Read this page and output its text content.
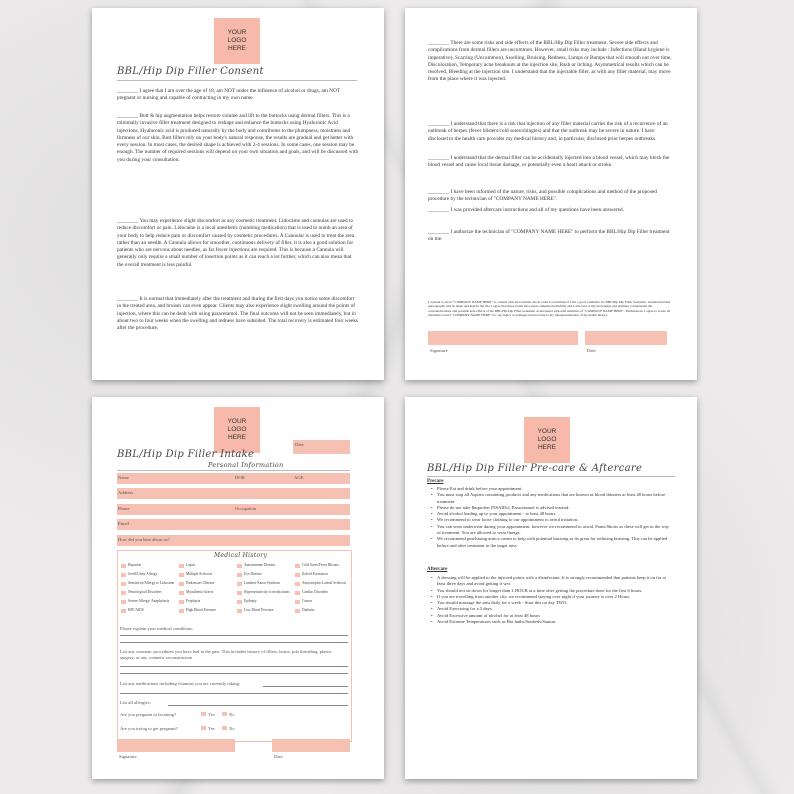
YOUR
LOGO
HERE
BBL/Hip Dip Filler Consent
________ I agree that I am over the age of 18, am NOT under the influence of alcohol or drugs, am NOT pregnant or nursing and capable of contracting in my own name.
________ Butt & hip augmentation helps restore volume and lift to the buttocks using dermal fillers. This is a minimally invasive filler treatment designed to reshape and enhance the buttocks using Hyaluronic Acid injections. Hyaluronic acid is produced naturally by the body and contributes to the plumpness, moistness and firmness of our skin. Butt fillers rely on your body's natural response, the results are gradual and get better with every session. In most cases, the desired shape is achieved with 2-4 sessions. In some cases, one session may be enough. The number of required sessions will depend on your own situation and goals, and will be discussed with you during your consultation.
________ You may experience slight discomfort as any cosmetic treatment. Lidocaine and cannulas are used to reduce discomfort or pain. Lidocaine is a local anesthetic (numbing medication) that is used to numb an area of your body to help reduce pain or discomfort caused by cosmetic procedures. A Cannular is used to treat the area rather than an needle. A Cannula allows for smoother, continuous delivery of filler, it is also a good solution for patients who are nervous about needles, as far fewer injections are required. This is because a Cannula will generally only require a small number of insertion points as it can reach a lot further, which can also mean that the overall treatment is less painful.
________ It is normal that immediately after the treatment and during the first days you notice some discomfort in the treated area, and bruises can even appear. Clients may also experience slight swelling around the points of injection, where this can be dealt with using paracetamol. The final outcome will not be seen immediately, but in about two to four weeks when the swelling and redness have subsided. The total recovery is estimated four weeks after the procedure.
________ There are some risks and side effects of the BBL/Hip Dip Filler treatment. Severe side effects and complications from dermal fillers are uncommon. However, small risks may include : Infections (Hand hygiene is imperative), Scarring (Uncommon), Swelling, Bruising, Redness, Lumps or Bumps that will smooth out over time, Discoloration, Temporary acne breakouts at the injection site, Rash or itching. Asymmetrical results which can be resolved, Bleeding at the injection site. I understand that the injectable filler, as with any filler material, may move from the place where it was injected.
________ I understand that there is a risk that injection of any filler material carries the risk of a recurrence of an outbreak of herpes (fever blisters/cold sores/shingles) and that the outbreak may be severe in nature. I have disclosed to the health care provider my medical history and, in particular, disclosed prior herpes outbreaks.
________ I understand that the dermal filler can be accidentally injected into a blood vessel, which may block the blood vessel and cause local tissue damage, or potentially even a heart attack or stroke.
________ I have been informed of the nature, risks, and possible complications and method of the proposed procedure by the technician of "COMPANY NAME HERE".
________ I was provided aftercare instructions and all of my questions have been answered.
________ I authorize the technician of "COMPANY NAME HERE" to perform the BBL/Hip Dip Filler treatment on me.
I consent to allow "COMPANY NAME HERE" to consult with and evaluate me in order to determine if I am a good candidate for BBL/Hip Dip Filler treatment. I understand that photographs will be taken and kept in my file. I agree that these forms have been completed truthfully and to the best of my knowledge and abilities. I understand the contraindications and possible side effects of the BBL/Hip Dip Filler treatment as discussed with staff members of "COMPANY NAME HERE". Furthermore, I agree to waive all liabilities toward "COMPANY NAME HERE" for any injury or damages incurred due to my misrepresentation of my health history.
Signature	Date
YOUR
LOGO
HERE
Date
BBL/Hip Dip Filler Intake
Personal Information
Name	DOB	AGE
Address
Phone	Occupation
Email
How did you hear about us?
Medical History
Hepatitis	Lupus	Autoimmune Disease	Cold Sores/Fever Blisters
Swell/Untry Allergy	Multiple Sclerosis	Eye Disease	Keloid Formation
Sensitivity/Allergy to Lidocaine	Parkinson's Disease	Lambert-Eaton Syndrom	Amyotrophic Lateral Sclerosis
Neurological Disorders	Myasthenia Gravis	Hypersensitivity to medications	Cardiac Disorders
Severe Allergy/ Anaphylaxis	Porphyria	Epilepsy	Cancer
HIV/AIDS	High Blood Pressure	Low Blood Pressure	Diabetes
Please explain your medical conditions:
List any cosmetic procedures you have had in the past. This includes history of fillers, botox, pdo threading, plastic surgery, or any cosmetic reconstruction
List any medications including vitamins you are currently taking:
List all allergies:
Are you pregnant or lactating?	Yes	No
Are you trying to get pregnant?	Yes	No
Signature	Date
YOUR
LOGO
HERE
BBL/Hip Dip Filler Pre-care & Aftercare
Precare
• Please Eat and drink before your appointment.
• You must stop all Aspirin containing products and any medications that are known as blood thinners at least 48 hours before treatment.
• Please do not take Ibuprofen (NSAIDs). Paracetamol is advised instead.
• Avoid alcohol leading up to your appointment - at least 48 hours.
• We recommend to wear loose clothing to our appointment to avoid irritation.
• You can wear underwear during your appointment, however we recommend to avoid, Pants/Shorts as these will get in the way of treatment. You are allowed to wear thongs.
• We recommend purchasing arnica cream to help with potential bruising as its great for reducing bruising. This can be applied before and after treatment to the target area.
Aftercare
• A dressing will be applied to the injected points with a disinfectant. It is strongly recommended that patients keep it on for at least three days and avoid getting it wet.
• You should not sit down for longer than 1 HOUR at a time after getting the procedure done for the first 6 hours.
• If you are travelling from another city, we recommend staying over night if your journey is over 2 Hours.
• You should massage the area daily for a week - Start this on day TWO.
• Avoid Exercising for a 3 days.
• Avoid Excessive amount of alcohol for at least 48 hours
• Avoid Extreme Temperatures such as Hot baths/Sunbeds/Saunas
